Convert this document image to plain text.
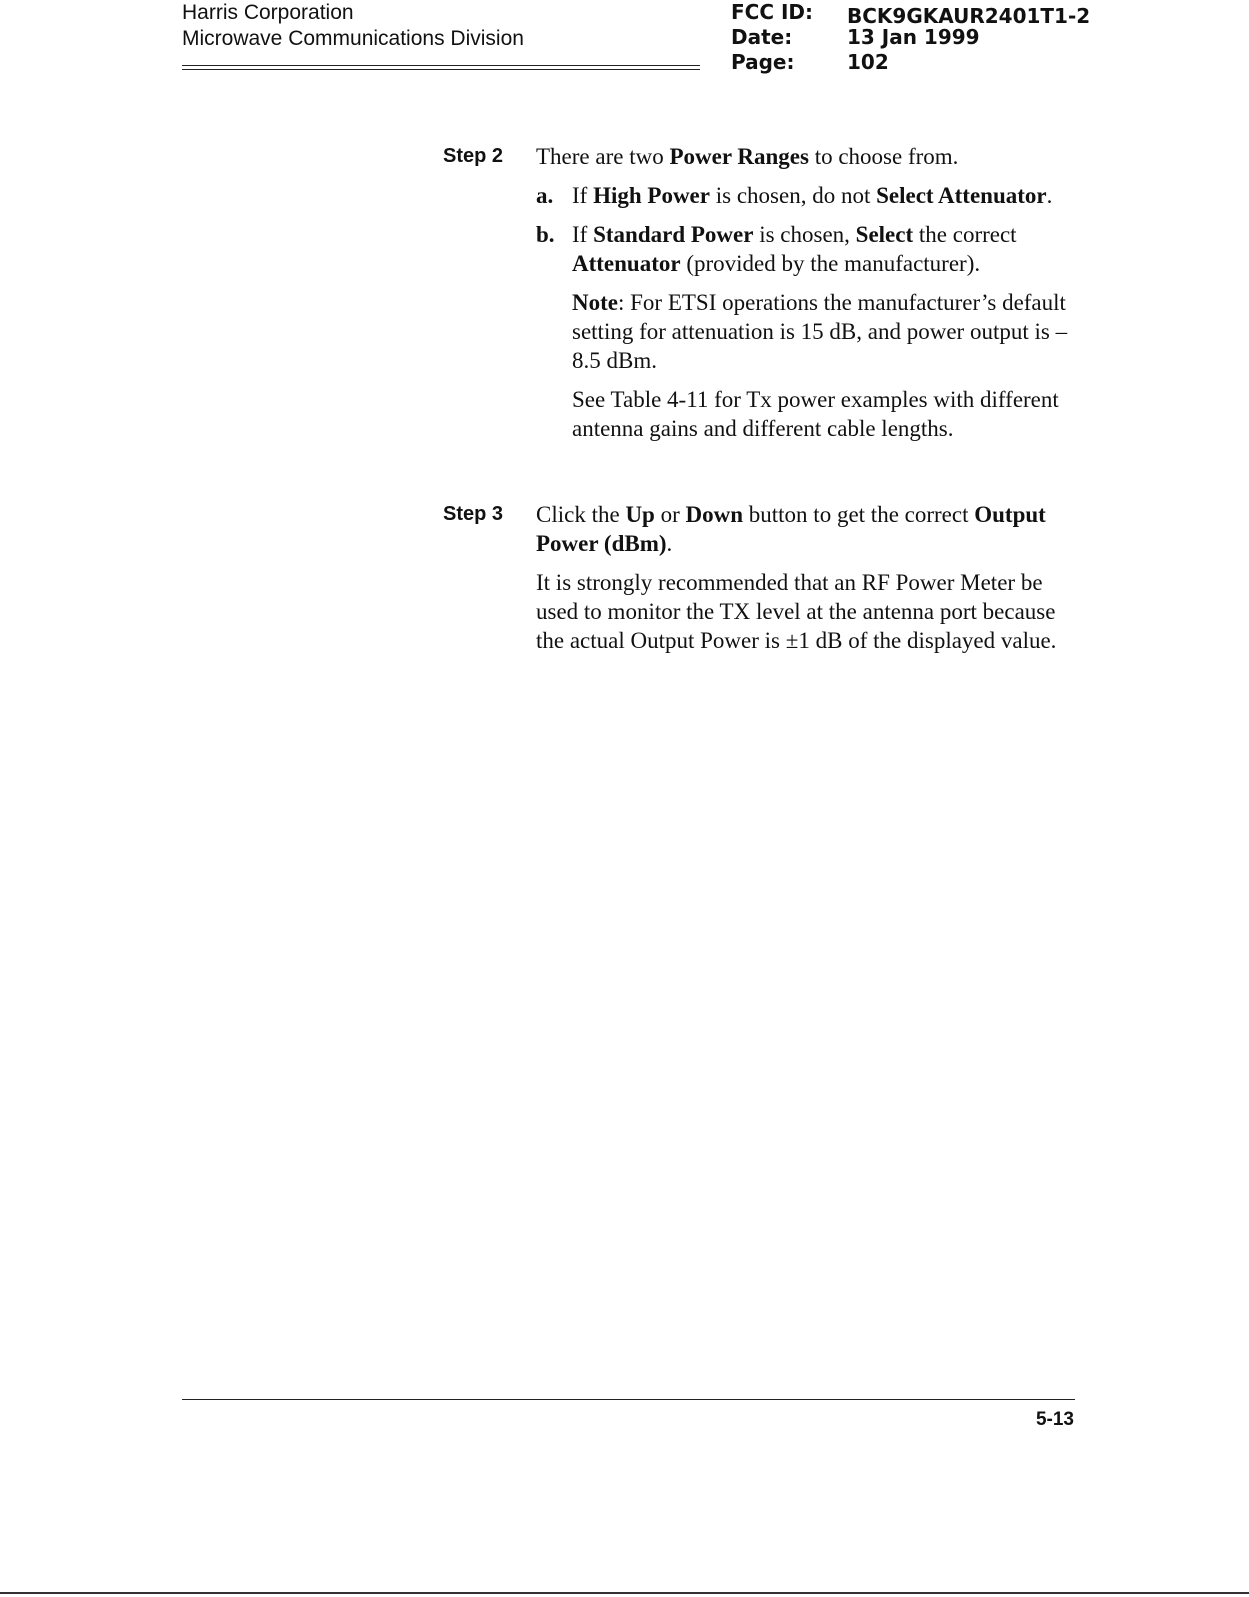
Harris Corporation
Microwave Communications Division
FCC ID:	BCK9GKAUR2401T1-2
Date:	13 Jan 1999
Page:	102
Step 2	There are two Power Ranges to choose from.

a. If High Power is chosen, do not Select Attenuator.

b. If Standard Power is chosen, Select the correct Attenuator (provided by the manufacturer).

Note: For ETSI operations the manufacturer’s default setting for attenuation is 15 dB, and power output is –8.5 dBm.

See Table 4-11 for Tx power examples with different antenna gains and different cable lengths.

Step 3	Click the Up or Down button to get the correct Output Power (dBm).

It is strongly recommended that an RF Power Meter be used to monitor the TX level at the antenna port because the actual Output Power is ±1 dB of the displayed value.

5-13
